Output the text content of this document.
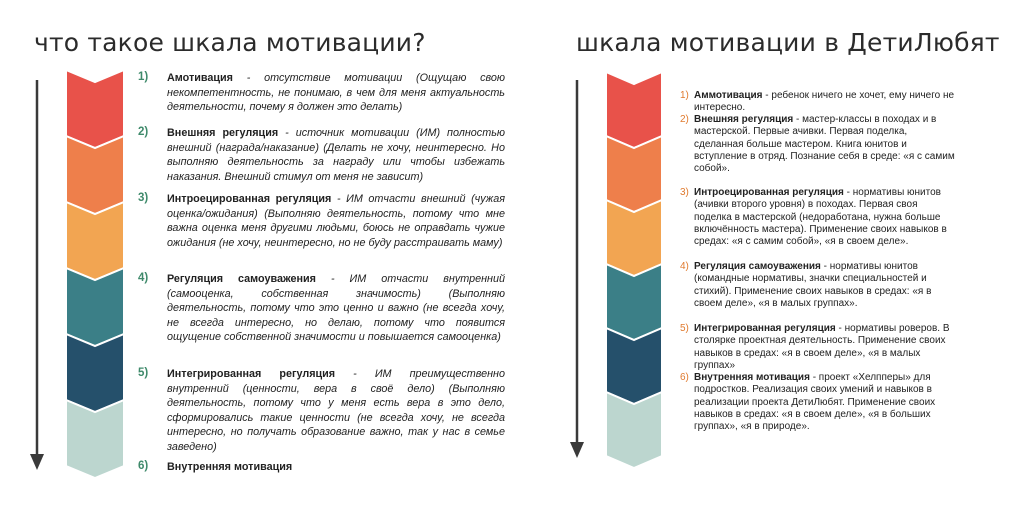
что такое шкала мотивации?	шкала мотивации в ДетиЛюбят
1) Амотивация - отсутствие мотивации (Ощущаю свою некомпетентность, не понимаю, в чем для меня актуальность деятельности, почему я должен это делать)
2) Внешняя регуляция - источник мотивации (ИМ) полностью внешний (награда/наказание) (Делать не хочу, неинтересно. Но выполняю деятельность за награду или чтобы избежать наказания. Внешний стимул от меня не зависит)
3) Интроецированная регуляция - ИМ отчасти внешний (чужая оценка/ожидания) (Выполняю деятельность, потому что мне важна оценка меня другими людьми, боюсь не оправдать чужие ожидания (не хочу, неинтересно, но не буду расстраивать маму)
4) Регуляция самоуважения - ИМ отчасти внутренний (самооценка, собственная значимость) (Выполняю деятельность, потому что это ценно и важно (не всегда хочу, не всегда интересно, но делаю, потому что появится ощущение собственной значимости и повышается самооценка)
5) Интегрированная регуляция - ИМ преимущественно внутренний (ценности, вера в своё дело) (Выполняю деятельность, потому что у меня есть вера в это дело, сформировались такие ценности (не всегда хочу, не всегда интересно, но получать образование важно, так у нас в семье заведено)
6) Внутренняя мотивация
1) Аммотивация - ребенок ничего не хочет, ему ничего не интересно.
2) Внешняя регуляция - мастер-классы в походах и в мастерской. Первые ачивки. Первая поделка, сделанная больше мастером. Книга юнитов и вступление в отряд. Познание себя в среде: «я с самим собой».
3) Интроецированная регуляция - нормативы юнитов (ачивки второго уровня) в походах. Первая своя поделка в мастерской (недоработана, нужна больше включённость мастера). Применение своих навыков в средах: «я с самим собой», «я в своем деле».
4) Регуляция самоуважения - нормативы юнитов (командные нормативы, значки специальностей и стихий). Применение своих навыков в средах: «я в своем деле», «я в малых группах».
5) Интегрированная регуляция - нормативы роверов. В столярке проектная деятельность. Применение своих навыков в средах: «я в своем деле», «я в малых группах»
6) Внутренняя мотивация - проект «Хелпперы» для подростков. Реализация своих умений и навыков в реализации проекта ДетиЛюбят. Применение своих навыков в средах: «я в своем деле», «я в больших группах», «я в природе».
